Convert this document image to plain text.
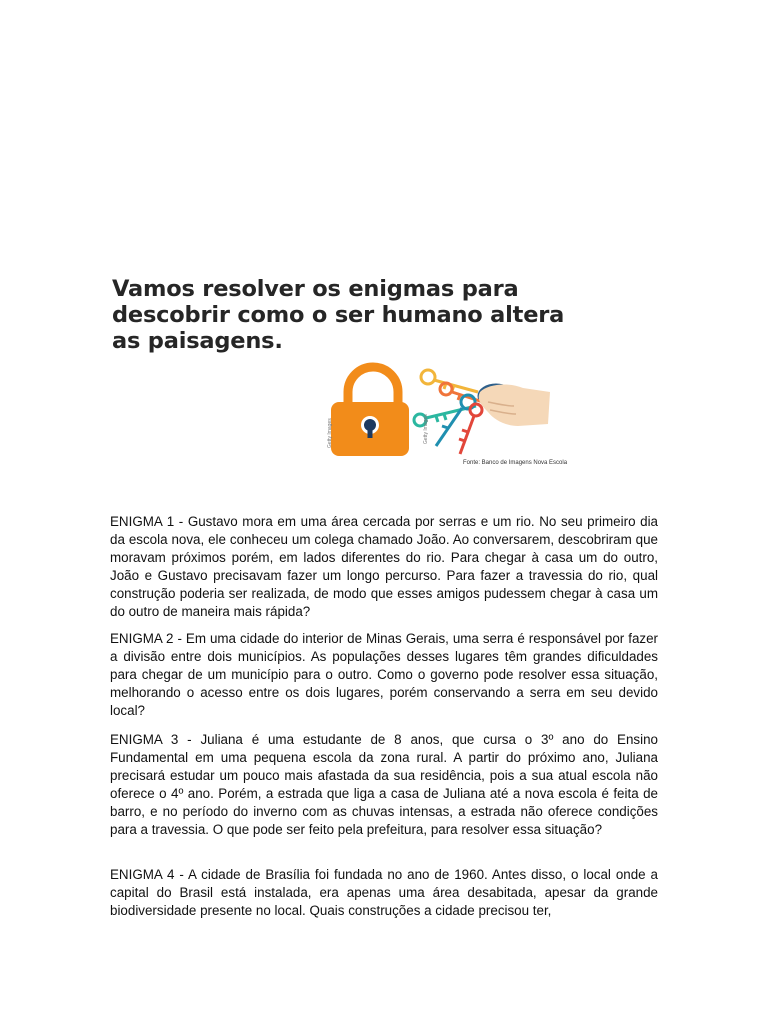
Vamos resolver os enigmas para descobrir como o ser humano altera as paisagens.
Getty Images	Getty Images
Fonte: Banco de Imagens Nova Escola

ENIGMA 1 - Gustavo mora em uma área cercada por serras e um rio. No seu primeiro dia da escola nova, ele conheceu um colega chamado João. Ao conversarem, descobriram que moravam próximos porém, em lados diferentes do rio. Para chegar à casa um do outro, João e Gustavo precisavam fazer um longo percurso. Para fazer a travessia do rio, qual construção poderia ser realizada, de modo que esses amigos pudessem chegar à casa um do outro de maneira mais rápida?

ENIGMA 2 - Em uma cidade do interior de Minas Gerais, uma serra é responsável por fazer a divisão entre dois municípios. As populações desses lugares têm grandes dificuldades para chegar de um município para o outro. Como o governo pode resolver essa situação, melhorando o acesso entre os dois lugares, porém conservando a serra em seu devido local?

ENIGMA 3 - Juliana é uma estudante de 8 anos, que cursa o 3º ano do Ensino Fundamental em uma pequena escola da zona rural. A partir do próximo ano, Juliana precisará estudar um pouco mais afastada da sua residência, pois a sua atual escola não oferece o 4º ano. Porém, a estrada que liga a casa de Juliana até a nova escola é feita de barro, e no período do inverno com as chuvas intensas, a estrada não oferece condições para a travessia. O que pode ser feito pela prefeitura, para resolver essa situação?

ENIGMA 4 - A cidade de Brasília foi fundada no ano de 1960. Antes disso, o local onde a capital do Brasil está instalada, era apenas uma área desabitada, apesar da grande biodiversidade presente no local. Quais construções a cidade precisou ter,
